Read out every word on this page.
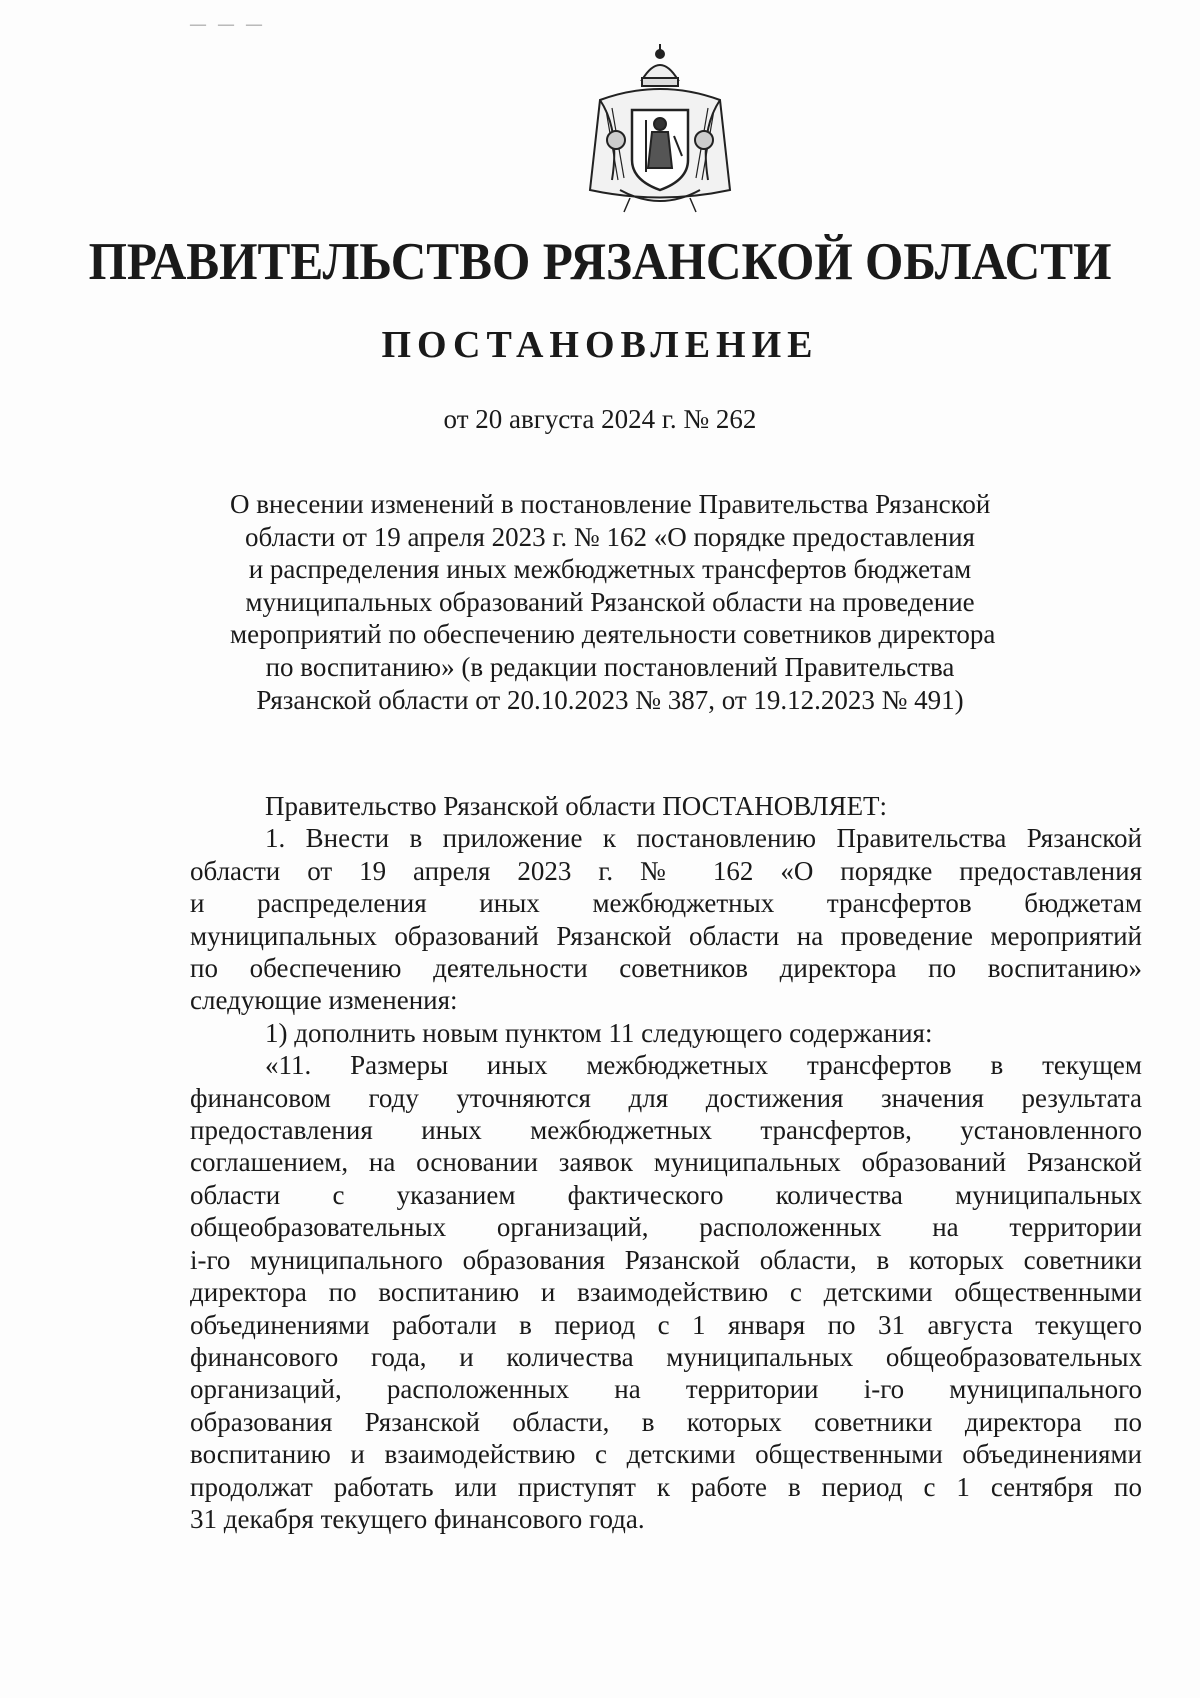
— — —
ПРАВИТЕЛЬСТВО РЯЗАНСКОЙ ОБЛАСТИ
ПОСТАНОВЛЕНИЕ
от 20 августа 2024 г. № 262

О внесении изменений в постановление Правительства Рязанской

области от 19 апреля 2023 г. № 162 «О порядке предоставления

и распределения иных межбюджетных трансфертов бюджетам

муниципальных образований Рязанской области на проведение

мероприятий по обеспечению деятельности советников директора

по воспитанию» (в редакции постановлений Правительства

Рязанской области от 20.10.2023 № 387, от 19.12.2023 № 491)

Правительство Рязанской области ПОСТАНОВЛЯЕТ:

1. Внести в приложение к постановлению Правительства Рязанской
области от 19 апреля 2023 г. № 162 «О порядке предоставления
и распределения иных межбюджетных трансфертов бюджетам
муниципальных образований Рязанской области на проведение мероприятий
по обеспечению деятельности советников директора по воспитанию»
следующие изменения:
1) дополнить новым пунктом 11 следующего содержания:
«11. Размеры иных межбюджетных трансфертов в текущем
финансовом году уточняются для достижения значения результата
предоставления иных межбюджетных трансфертов, установленного
соглашением, на основании заявок муниципальных образований Рязанской
области с указанием фактического количества муниципальных
общеобразовательных организаций, расположенных на территории
i-го муниципального образования Рязанской области, в которых советники
директора по воспитанию и взаимодействию с детскими общественными
объединениями работали в период с 1 января по 31 августа текущего
финансового года, и количества муниципальных общеобразовательных
организаций, расположенных на территории i-го муниципального
образования Рязанской области, в которых советники директора по
воспитанию и взаимодействию с детскими общественными объединениями
продолжат работать или приступят к работе в период с 1 сентября по
31 декабря текущего финансового года.
